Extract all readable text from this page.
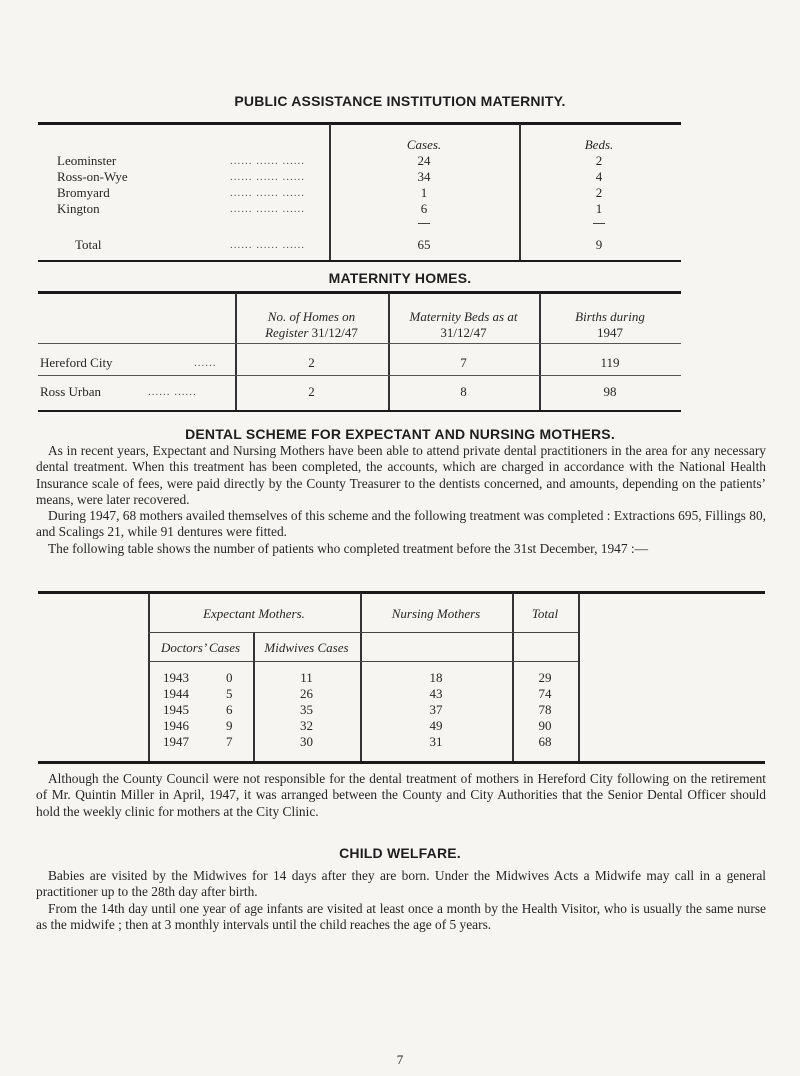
PUBLIC ASSISTANCE INSTITUTION MATERNITY.
Cases.	Beds.
Leominster	...... ...... ......	24	2
Ross-on-Wye	...... ...... ......	34	4
Bromyard	...... ...... ......	1	2
Kington	...... ...... ......	6	1
Total	...... ...... ......	65	9
MATERNITY HOMES.
No. of Homes on
Register 31/12/47
Maternity Beds as at
31/12/47
Births during
1947
Hereford City	......	2	7	119
Ross Urban	...... ......	2	8	98
DENTAL SCHEME FOR EXPECTANT AND NURSING MOTHERS.

As in recent years, Expectant and Nursing Mothers have been able to attend private dental practitioners in the area for any necessary dental treatment. When this treatment has been completed, the accounts, which are charged in accordance with the National Health Insurance scale of fees, were paid directly by the County Treasurer to the dentists concerned, and amounts, depending on the patients’ means, were later recovered.

During 1947, 68 mothers availed themselves of this scheme and the following treatment was completed : Extractions 695, Fillings 80, and Scalings 21, while 91 dentures were fitted.

The following table shows the number of patients who completed treatment before the 31st December, 1947 :—

Expectant Mothers.	Nursing Mothers	Total
Doctors’ Cases	Midwives Cases
1943	0	11	18	29
1944	5	26	43	74
1945	6	35	37	78
1946	9	32	49	90
1947	7	30	31	68

Although the County Council were not responsible for the dental treatment of mothers in Hereford City following on the retirement of Mr. Quintin Miller in April, 1947, it was arranged between the County and City Authorities that the Senior Dental Officer should hold the weekly clinic for mothers at the City Clinic.

CHILD WELFARE.

Babies are visited by the Midwives for 14 days after they are born. Under the Midwives Acts a Midwife may call in a general practitioner up to the 28th day after birth.

From the 14th day until one year of age infants are visited at least once a month by the Health Visitor, who is usually the same nurse as the midwife ; then at 3 monthly intervals until the child reaches the age of 5 years.

7
